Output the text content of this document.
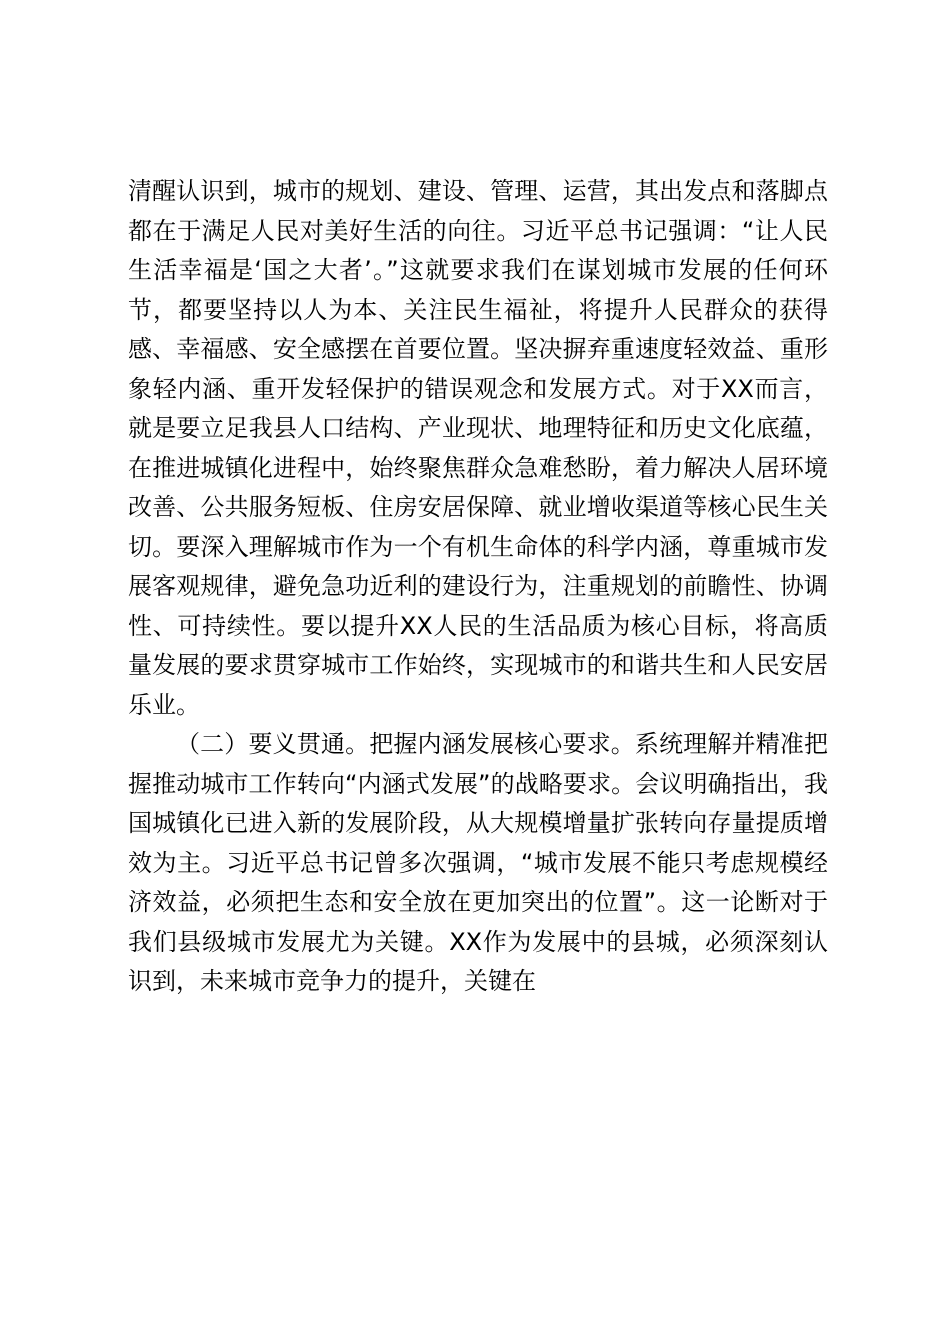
清醒认识到，城市的规划、建设、管理、运营，其出发点和落脚点都在于满足人民对美好生活的向往。习近平总书记强调：“让人民生活幸福是‘国之大者’。”这就要求我们在谋划城市发展的任何环节，都要坚持以人为本、关注民生福祉，将提升人民群众的获得感、幸福感、安全感摆在首要位置。坚决摒弃重速度轻效益、重形象轻内涵、重开发轻保护的错误观念和发展方式。对于XX而言，就是要立足我县人口结构、产业现状、地理特征和历史文化底蕴，在推进城镇化进程中，始终聚焦群众急难愁盼，着力解决人居环境改善、公共服务短板、住房安居保障、就业增收渠道等核心民生关切。要深入理解城市作为一个有机生命体的科学内涵，尊重城市发展客观规律，避免急功近利的建设行为，注重规划的前瞻性、协调性、可持续性。要以提升XX人民的生活品质为核心目标，将高质量发展的要求贯穿城市工作始终，实现城市的和谐共生和人民安居乐业。

（二）要义贯通。把握内涵发展核心要求。系统理解并精准把握推动城市工作转向“内涵式发展”的战略要求。会议明确指出，我国城镇化已进入新的发展阶段，从大规模增量扩张转向存量提质增效为主。习近平总书记曾多次强调，“城市发展不能只考虑规模经济效益，必须把生态和安全放在更加突出的位置”。这一论断对于我们县级城市发展尤为关键。XX作为发展中的县城，必须深刻认识到，未来城市竞争力的提升，关键在
